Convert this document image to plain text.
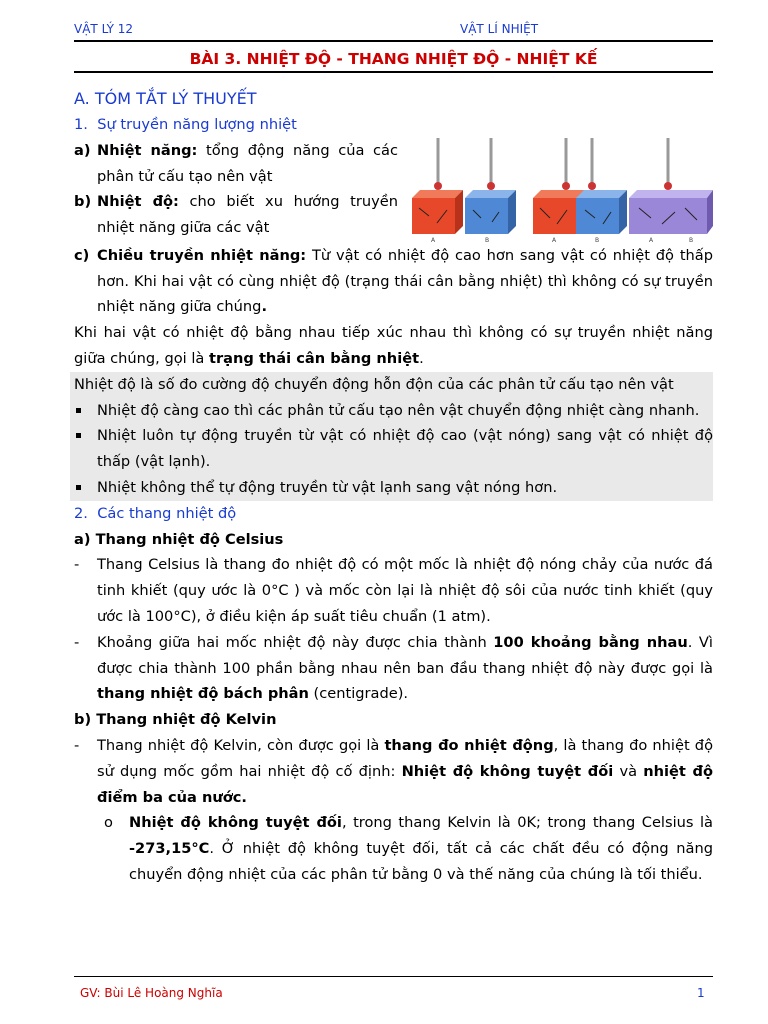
VẬT LÝ 12	VẬT LÍ NHIỆT
BÀI 3. NHIỆT ĐỘ - THANG NHIỆT ĐỘ - NHIỆT KẾ
A. TÓM TẮT LÝ THUYẾT
1. Sự truyền năng lượng nhiệt
a) Nhiệt năng: tổng động năng của các phân tử cấu tạo nên vật
b) Nhiệt độ: cho biết xu hướng truyền nhiệt năng giữa các vật
A	B	A	B	A	B
c) Chiều truyền nhiệt năng: Từ vật có nhiệt độ cao hơn sang vật có nhiệt độ thấp hơn. Khi hai vật có cùng nhiệt độ (trạng thái cân bằng nhiệt) thì không có sự truyền nhiệt năng giữa chúng.

Khi hai vật có nhiệt độ bằng nhau tiếp xúc nhau thì không có sự truyền nhiệt năng giữa chúng, gọi là trạng thái cân bằng nhiệt.

Nhiệt độ là số đo cường độ chuyển động hỗn độn của các phân tử cấu tạo nên vật
Nhiệt độ càng cao thì các phân tử cấu tạo nên vật chuyển động nhiệt càng nhanh.
Nhiệt luôn tự động truyền từ vật có nhiệt độ cao (vật nóng) sang vật có nhiệt độ thấp (vật lạnh).
Nhiệt không thể tự động truyền từ vật lạnh sang vật nóng hơn.
2. Các thang nhiệt độ
a) Thang nhiệt độ Celsius
-	Thang Celsius là thang đo nhiệt độ có một mốc là nhiệt độ nóng chảy của nước đá tinh khiết (quy ước là 0°C ) và mốc còn lại là nhiệt độ sôi của nước tinh khiết (quy ước là 100°C), ở điều kiện áp suất tiêu chuẩn (1 atm).
-	Khoảng giữa hai mốc nhiệt độ này được chia thành 100 khoảng bằng nhau. Vì được chia thành 100 phần bằng nhau nên ban đầu thang nhiệt độ này được gọi là thang nhiệt độ bách phân (centigrade).
b) Thang nhiệt độ Kelvin
-	Thang nhiệt độ Kelvin, còn được gọi là thang đo nhiệt động, là thang đo nhiệt độ sử dụng mốc gồm hai nhiệt độ cố định: Nhiệt độ không tuyệt đối và nhiệt độ điểm ba của nước.
o	Nhiệt độ không tuyệt đối, trong thang Kelvin là 0K; trong thang Celsius là ‑273,15°C. Ở nhiệt độ không tuyệt đối, tất cả các chất đều có động năng chuyển động nhiệt của các phân tử bằng 0 và thế năng của chúng là tối thiểu.
GV: Bùi Lê Hoàng Nghĩa	1
